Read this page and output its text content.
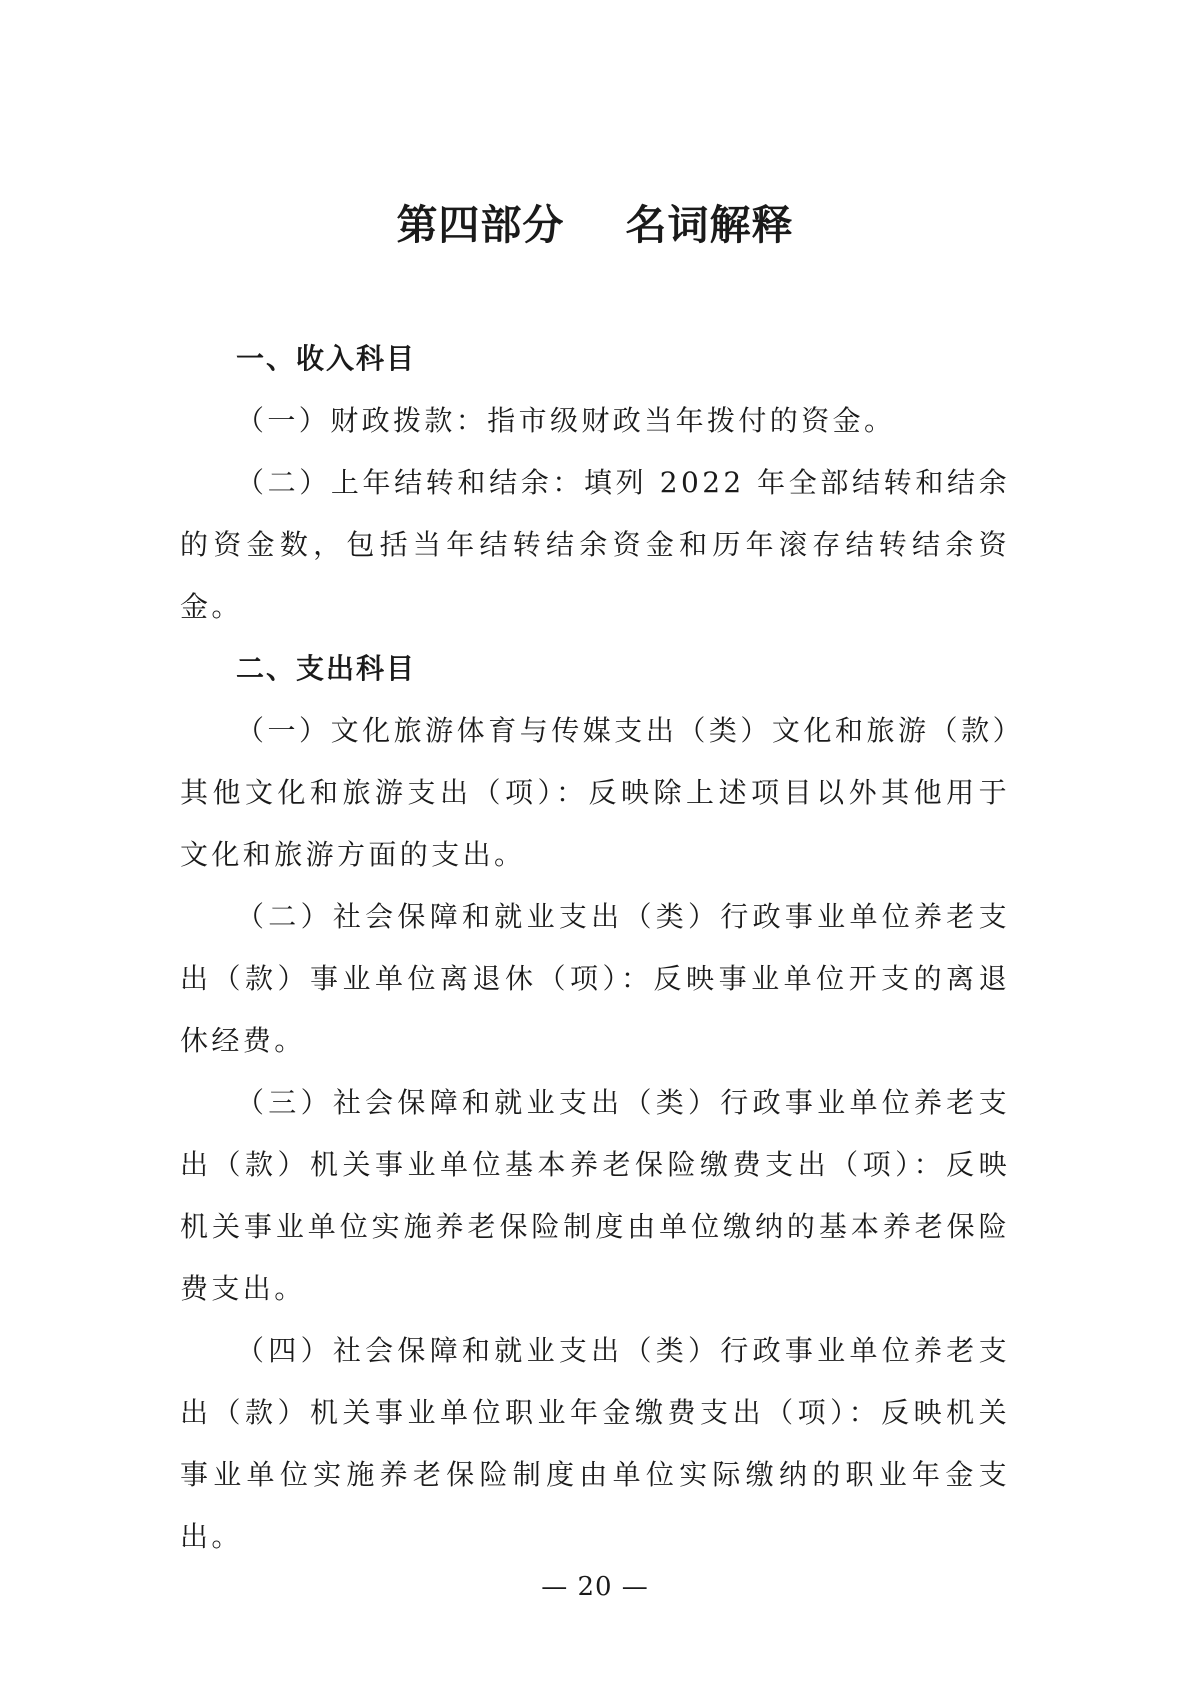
第四部分    名词解释

一、收入科目

（一）财政拨款：指市级财政当年拨付的资金。

（二）上年结转和结余：填列 2022 年全部结转和结余的资金数，包括当年结转结余资金和历年滚存结转结余资金。

二、支出科目

（一）文化旅游体育与传媒支出（类）文化和旅游（款）其他文化和旅游支出（项）：反映除上述项目以外其他用于文化和旅游方面的支出。

（二）社会保障和就业支出（类）行政事业单位养老支出（款）事业单位离退休（项）：反映事业单位开支的离退休经费。

（三）社会保障和就业支出（类）行政事业单位养老支出（款）机关事业单位基本养老保险缴费支出（项）：反映机关事业单位实施养老保险制度由单位缴纳的基本养老保险费支出。

（四）社会保障和就业支出（类）行政事业单位养老支出（款）机关事业单位职业年金缴费支出（项）：反映机关事业单位实施养老保险制度由单位实际缴纳的职业年金支出。

— 20 —
